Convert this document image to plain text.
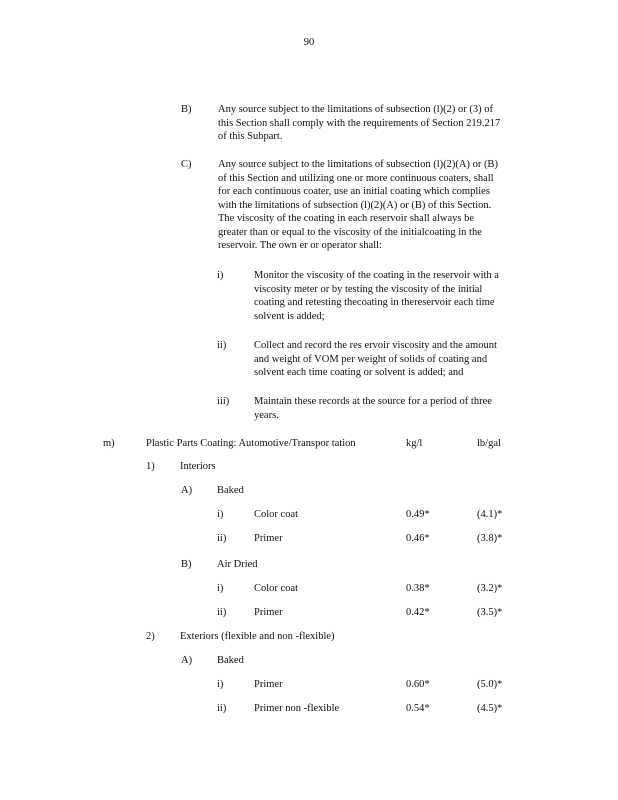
90
B)	Any source subject to the limitations of subsection (l)(2) or (3) of
this Section shall comply with the requirements of Section 219.217
of this Subpart.
C)	Any source subject to the limitations of subsection (l)(2)(A) or (B)
of this Section and utilizing one or more continuous coaters, shall
for each continuous coater, use an initial coating which complies
with the limitations of subsection (l)(2)(A) or (B) of this Section.
The viscosity of the coating in each reservoir shall always be
greater than or equal to the viscosity of the initialcoating in the
reservoir. The own er or operator shall:
i)	Monitor the viscosity of the coating in the reservoir with a
viscosity meter or by testing the viscosity of the initial
coating and retesting thecoating in thereservoir each time
solvent is added;
ii)	Collect and record the res ervoir viscosity and the amount
and weight of VOM per weight of solids of coating and
solvent each time coating or solvent is added; and
iii) Maintain these records at the source for a period of three
years.
m)	Plastic Parts Coating: Automotive/Transpor tation	kg/l	lb/gal
1) Interiors
A) Baked
i)	Color coat	0.49*	(4.1)*
ii)	Primer	0.46*	(3.8)*
B) Air Dried
i)	Color coat	0.38*	(3.2)*
ii)	Primer	0.42*	(3.5)*
2) Exteriors (flexible and non -flexible)
A) Baked
i)	Primer	0.60*	(5.0)*
ii)	Primer non -flexible	0.54*	(4.5)*
